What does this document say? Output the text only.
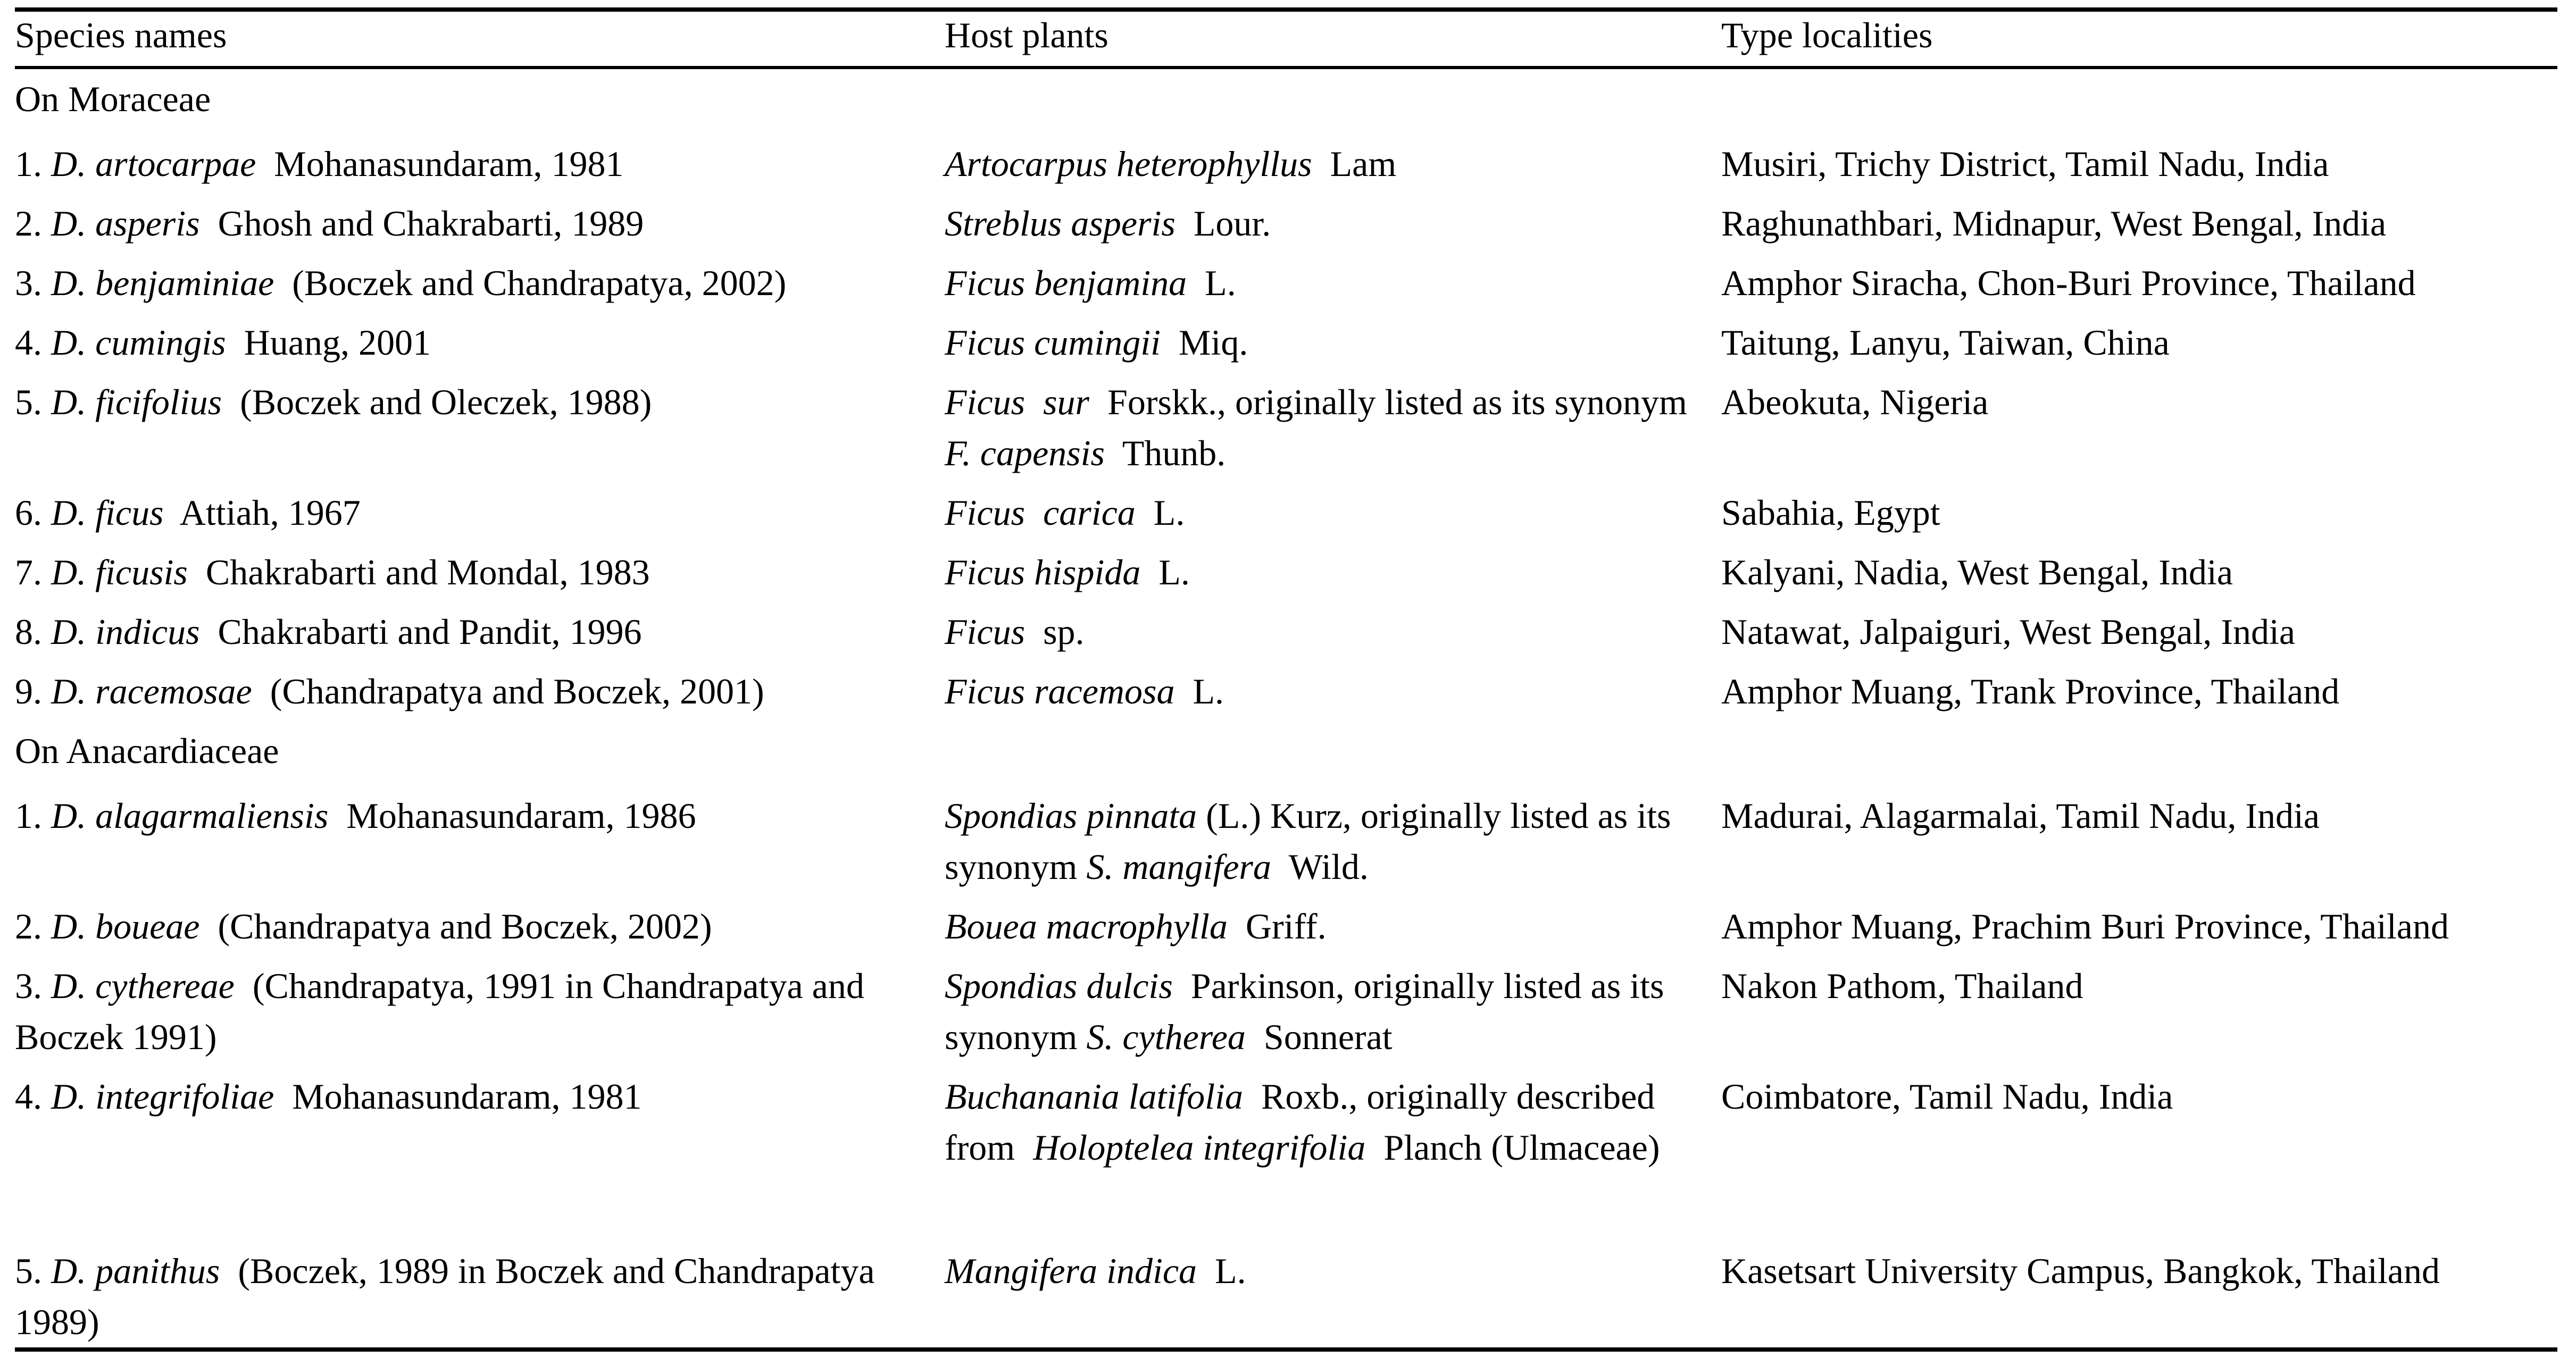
Species names	Host plants	Type localities
On Moraceae		
1. D. artocarpae Mohanasundaram, 1981	Artocarpus heterophyllus Lam	Musiri, Trichy District, Tamil Nadu, India
2. D. asperis Ghosh and Chakrabarti, 1989	Streblus asperis Lour.	Raghunathbari, Midnapur, West Bengal, India
3. D. benjaminiae (Boczek and Chandrapatya, 2002)	Ficus benjamina L.	Amphor Siracha, Chon-Buri Province, Thailand
4. D. cumingis Huang, 2001	Ficus cumingii Miq.	Taitung, Lanyu, Taiwan, China
5. D. ficifolius (Boczek and Oleczek, 1988)	Ficus sur Forskk., originally listed as its synonym F. capensis Thunb.	Abeokuta, Nigeria
6. D. ficus Attiah, 1967	Ficus carica L.	Sabahia, Egypt
7. D. ficusis Chakrabarti and Mondal, 1983	Ficus hispida L.	Kalyani, Nadia, West Bengal, India
8. D. indicus Chakrabarti and Pandit, 1996	Ficus sp.	Natawat, Jalpaiguri, West Bengal, India
9. D. racemosae (Chandrapatya and Boczek, 2001)	Ficus racemosa L.	Amphor Muang, Trank Province, Thailand
On Anacardiaceae		
1. D. alagarmaliensis Mohanasundaram, 1986	Spondias pinnata (L.) Kurz, originally listed as its synonym S. mangifera Wild.	Madurai, Alagarmalai, Tamil Nadu, India
2. D. boueae (Chandrapatya and Boczek, 2002)	Bouea macrophylla Griff.	Amphor Muang, Prachim Buri Province, Thailand
3. D. cythereae (Chandrapatya, 1991 in Chandrapatya and Boczek 1991)	Spondias dulcis Parkinson, originally listed as its synonym S. cytherea Sonnerat	Nakon Pathom, Thailand
4. D. integrifoliae Mohanasundaram, 1981	Buchanania latifolia Roxb., originally described from Holoptelea integrifolia Planch (Ulmaceae)	Coimbatore, Tamil Nadu, India
5. D. panithus (Boczek, 1989 in Boczek and Chandrapatya 1989)	Mangifera indica L.	Kasetsart University Campus, Bangkok, Thailand
